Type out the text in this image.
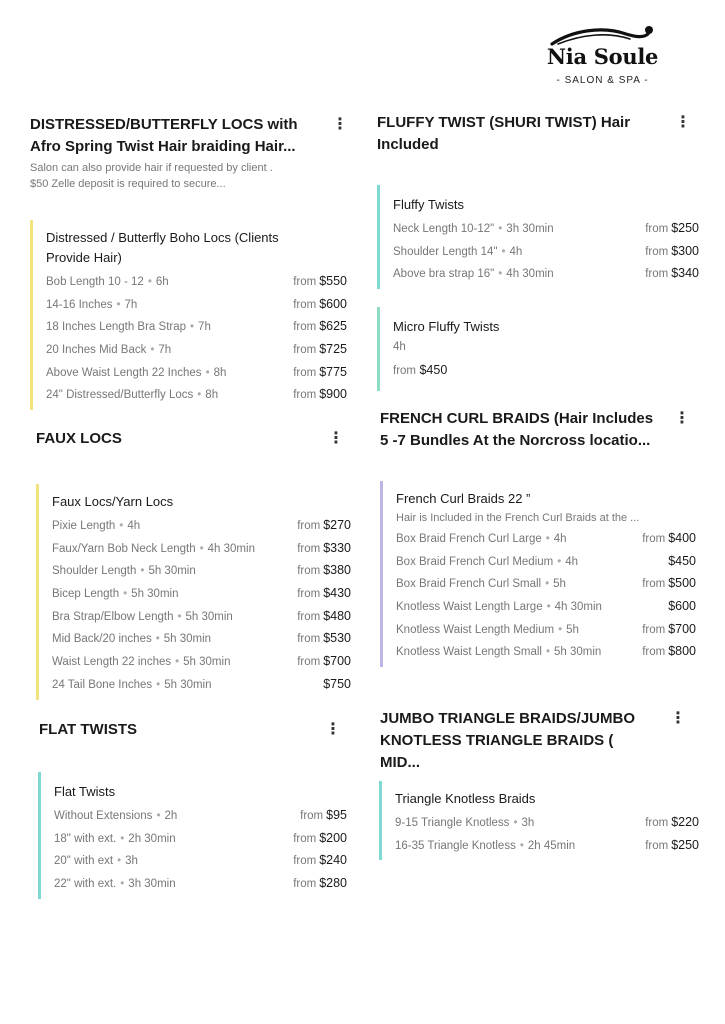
Nia Soule
- SALON & SPA -

DISTRESSED/BUTTERFLY LOCS with
Afro Spring Twist Hair braiding Hair...

⋮
Salon can also provide hair if requested by client .
$50 Zelle deposit is required to secure...

Distressed / Butterfly Boho Locs (Clients
Provide Hair)

Bob Length 10 - 12 • 6h	from $550
14-16 Inches • 7h	from $600
18 Inches Length Bra Strap • 7h	from $625
20 Inches Mid Back • 7h	from $725
Above Waist Length 22 Inches • 8h	from $775
24" Distressed/Butterfly Locs • 8h	from $900

FAUX LOCS	⋮

Faux Locs/Yarn Locs

Pixie Length • 4h	from $270
Faux/Yarn Bob Neck Length • 4h 30min	from $330
Shoulder Length • 5h 30min	from $380
Bicep Length • 5h 30min	from $430
Bra Strap/Elbow Length • 5h 30min	from $480
Mid Back/20 inches • 5h 30min	from $530
Waist Length 22 inches • 5h 30min	from $700
24 Tail Bone Inches • 5h 30min	$750

FLAT TWISTS	⋮

Flat Twists

Without Extensions • 2h	from $95
18" with ext. • 2h 30min	from $200
20" with ext • 3h	from $240
22" with ext. • 3h 30min	from $280

FLUFFY TWIST (SHURI TWIST) Hair
Included

⋮

Fluffy Twists

Neck Length 10-12" • 3h 30min	from $250
Shoulder Length 14" • 4h	from $300
Above bra strap 16" • 4h 30min	from $340

Micro Fluffy Twists

4h
from $450

FRENCH CURL BRAIDS (Hair Includes
5 -7 Bundles At the Norcross locatio...

⋮

French Curl Braids 22 ”

Hair is Included in the French Curl Braids at the ...
Box Braid French Curl Large • 4h	from $400
Box Braid French Curl Medium • 4h	$450
Box Braid French Curl Small • 5h	from $500
Knotless Waist Length Large • 4h 30min	$600
Knotless Waist Length Medium • 5h	from $700
Knotless Waist Length Small • 5h 30min	from $800

JUMBO TRIANGLE BRAIDS/JUMBO
KNOTLESS TRIANGLE BRAIDS ( MID...

⋮

Triangle Knotless Braids

9-15 Triangle Knotless • 3h	from $220
16-35 Triangle Knotless • 2h 45min	from $250
